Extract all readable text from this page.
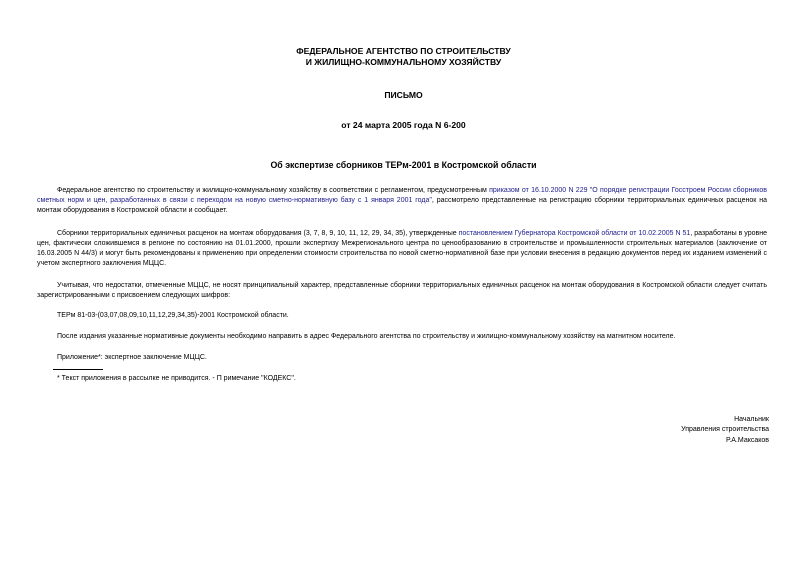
ФЕДЕРАЛЬНОЕ АГЕНТСТВО ПО СТРОИТЕЛЬСТВУ
И ЖИЛИЩНО-КОММУНАЛЬНОМУ ХОЗЯЙСТВУ
ПИСЬМО
от 24 марта 2005 года N 6-200
Об экспертизе сборников ТЕРм-2001 в Костромской области

Федеральное агентство по строительству и жилищно-коммунальному хозяйству в соответствии с регламентом, предусмотренным приказом от 16.10.2000 N 229 "О порядке регистрации Госстроем России сборников сметных норм и цен, разработанных в связи с переходом на новую сметно-нормативную базу с 1 января 2001 года", рассмотрело представленные на регистрацию сборники территориальных единичных расценок на монтаж оборудования в Костромской области и сообщает.

Сборники территориальных единичных расценок на монтаж оборудования (3, 7, 8, 9, 10, 11, 12, 29, 34, 35), утвержденные постановлением Губернатора Костромской области от 10.02.2005 N 51, разработаны в уровне цен, фактически сложившемся в регионе по состоянию на 01.01.2000, прошли экспертизу Межрегионального центра по ценообразованию в строительстве и промышленности строительных материалов (заключение от 16.03.2005 N 44/3) и могут быть рекомендованы к применению при определении стоимости строительства по новой сметно-нормативной базе при условии внесения в редакцию документов перед их изданием изменений с учетом экспертного заключения МЦЦС.

Учитывая, что недостатки, отмеченные МЦЦС, не носят принципиальный характер, представленные сборники территориальных единичных расценок на монтаж оборудования в Костромской области следует считать зарегистрированными с присвоением следующих шифров:

ТЕРм 81-03-(03,07,08,09,10,11,12,29,34,35)-2001 Костромской области.

После издания указанные нормативные документы необходимо направить в адрес Федерального агентства по строительству и жилищно-коммунальному хозяйству на магнитном носителе.

Приложение*: экспертное заключение МЦЦС.

* Текст приложения в рассылке не приводится. - П римечание "КОДЕКС".
Начальник
Управления строительства
Р.А.Максаков
